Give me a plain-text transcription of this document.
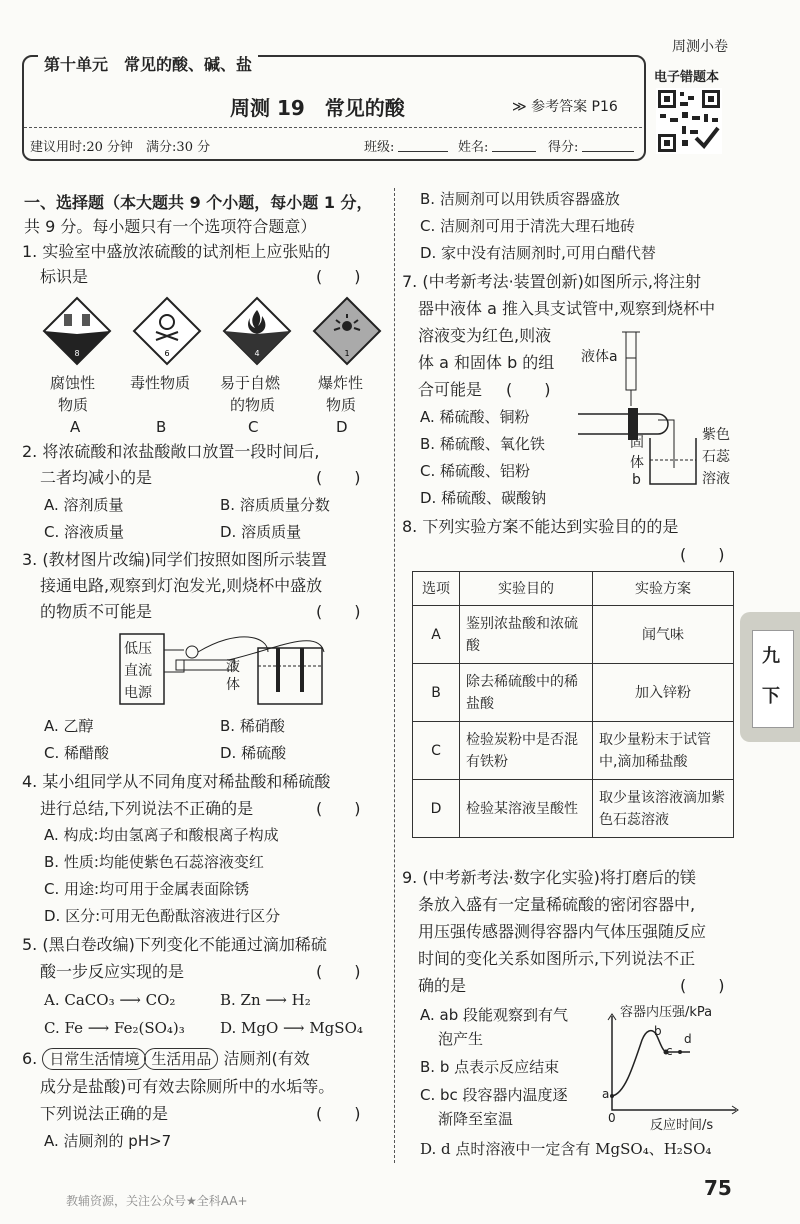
周测小卷
第十单元　常见的酸、碱、盐
周测 19　常见的酸	≫ 参考答案 P16
电子错题本
建议用时:20 分钟　满分:30 分	班级:	姓名:	得分:
一、选择题（本大题共 9 个小题，每小题 1 分，
共 9 分。每小题只有一个选项符合题意）
1. 实验室中盛放浓硫酸的试剂柜上应张贴的
标识是	(　　)
8	6	4	1
腐蚀性
物质
A
毒性物质
B
易于自燃
的物质
C
爆炸性
物质
D
2. 将浓硫酸和浓盐酸敞口放置一段时间后,
二者均减小的是	(　　)
A. 溶剂质量	B. 溶质质量分数
C. 溶液质量	D. 溶质质量
3. (教材图片改编)同学们按照如图所示装置
接通电路,观察到灯泡发光,则烧杯中盛放
的物质不可能是	(　　)
低压
直流
电源
液
体
A. 乙醇	B. 稀硝酸
C. 稀醋酸	D. 稀硫酸
4. 某小组同学从不同角度对稀盐酸和稀硫酸
进行总结,下列说法不正确的是	(　　)
A. 构成:均由氢离子和酸根离子构成
B. 性质:均能使紫色石蕊溶液变红
C. 用途:均可用于金属表面除锈
D. 区分:可用无色酚酞溶液进行区分
5. (黑白卷改编)下列变化不能通过滴加稀硫
酸一步反应实现的是	(　　)
A. CaCO₃ ⟶ CO₂	B. Zn ⟶ H₂
C. Fe ⟶ Fe₂(SO₄)₃ D. MgO ⟶ MgSO₄
6. 日常生活情境 生活用品 洁厕剂(有效
成分是盐酸)可有效去除厕所中的水垢等。
下列说法正确的是	(　　)
A. 洁厕剂的 pH>7
B. 洁厕剂可以用铁质容器盛放
C. 洁厕剂可用于清洗大理石地砖
D. 家中没有洁厕剂时,可用白醋代替
7. (中考新考法·装置创新)如图所示,将注射
器中液体 a 推入具支试管中,观察到烧杯中
溶液变为红色,则液
体 a 和固体 b 的组
合可能是 (　　)
A. 稀硫酸、铜粉
B. 稀硫酸、氧化铁
C. 稀硫酸、铝粉
D. 稀硫酸、碳酸钠
液体a
固
体
b
紫色
石蕊
溶液
8. 下列实验方案不能达到实验目的的是
(　　)
选项	实验目的	实验方案
A	鉴别浓盐酸和浓硫酸	闻气味
B	除去稀硫酸中的稀盐酸	加入锌粉
C	检验炭粉中是否混有铁粉	取少量粉末于试管中,滴加稀盐酸
D	检验某溶液呈酸性	取少量该溶液滴加紫色石蕊溶液
9. (中考新考法·数字化实验)将打磨后的镁
条放入盛有一定量稀硫酸的密闭容器中,
用压强传感器测得容器内气体压强随反应
时间的变化关系如图所示,下列说法不正
确的是	(　　)
A. ab 段能观察到有气
泡产生
B. b 点表示反应结束
C. bc 段容器内温度逐
渐降至室温
D. d 点时溶液中一定含有 MgSO₄、H₂SO₄
容器内压强/kPa
反应时间/s
0
a
b
c
d
九
下
教辅资源，关注公众号★全科AA+
75
